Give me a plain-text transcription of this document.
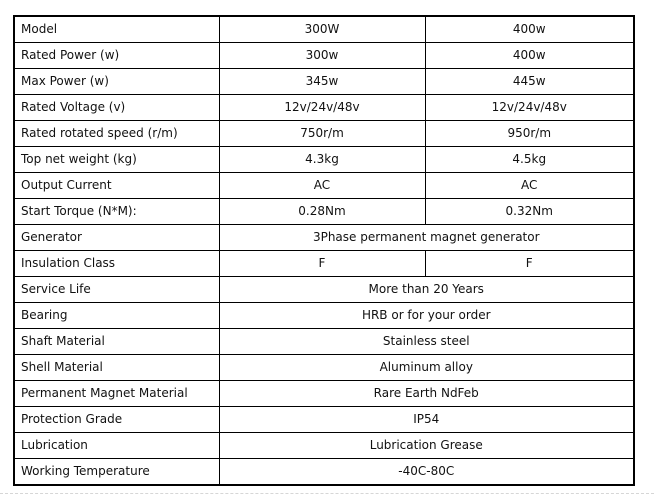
Model	300W	400w
Rated Power (w)	300w	400w
Max Power (w)	345w	445w
Rated Voltage (v)	12v/24v/48v	12v/24v/48v
Rated rotated speed (r/m)	750r/m	950r/m
Top net weight (kg)	4.3kg	4.5kg
Output Current	AC	AC
Start Torque (N*M):	0.28Nm	0.32Nm
Generator	3Phase permanent magnet generator	
Insulation Class	F	F
Service Life	More than 20 Years	
Bearing	HRB or for your order	
Shaft Material	Stainless steel	
Shell Material	Aluminum alloy	
Permanent Magnet Material	Rare Earth NdFeb	
Protection Grade	IP54	
Lubrication	Lubrication Grease	
Working Temperature	-40C-80C	
